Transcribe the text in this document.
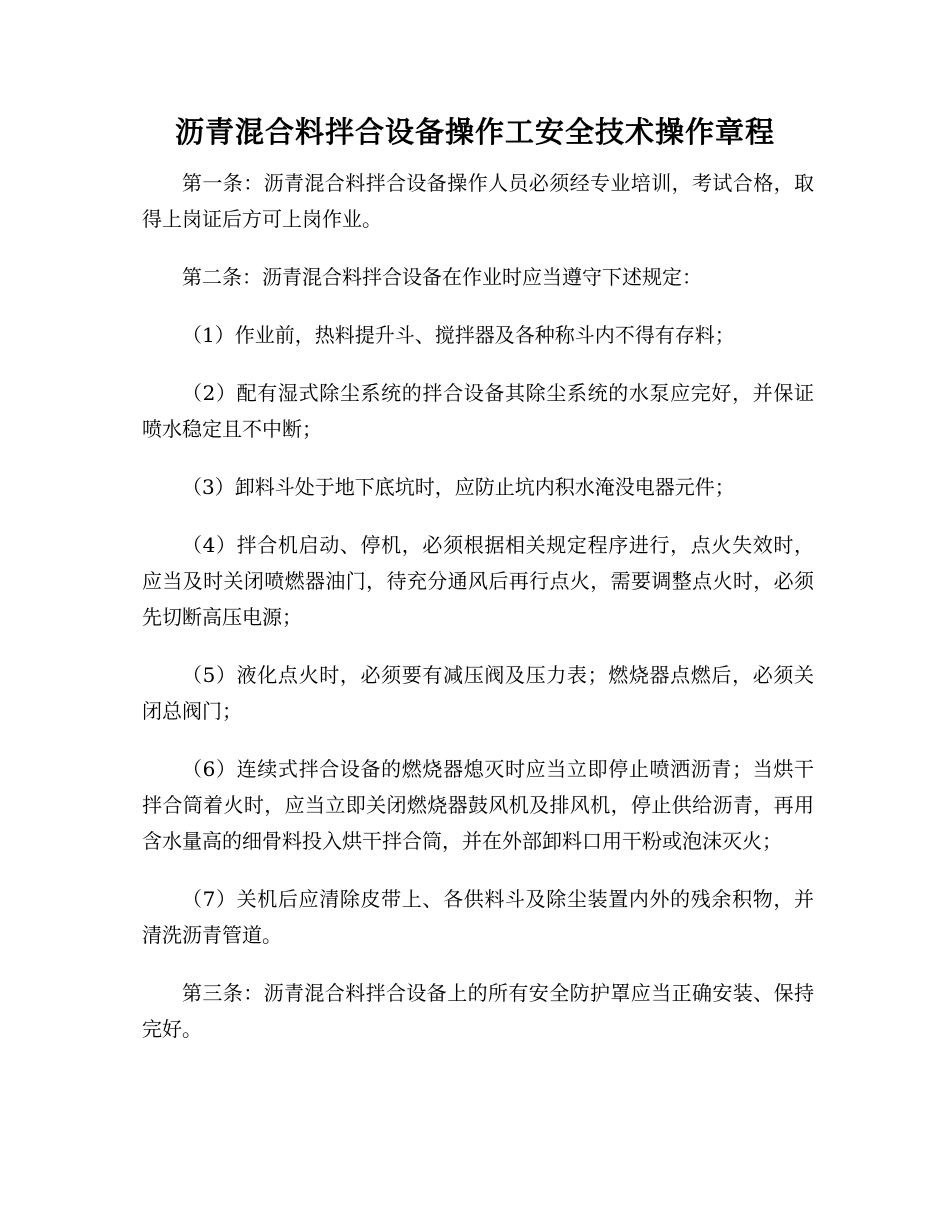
沥青混合料拌合设备操作工安全技术操作章程

第一条：沥青混合料拌合设备操作人员必须经专业培训，考试合格，取得上岗证后方可上岗作业。

第二条：沥青混合料拌合设备在作业时应当遵守下述规定：

（1）作业前，热料提升斗、搅拌器及各种称斗内不得有存料；

（2）配有湿式除尘系统的拌合设备其除尘系统的水泵应完好，并保证喷水稳定且不中断；

（3）卸料斗处于地下底坑时，应防止坑内积水淹没电器元件；

（4）拌合机启动、停机，必须根据相关规定程序进行，点火失效时，应当及时关闭喷燃器油门，待充分通风后再行点火，需要调整点火时，必须先切断高压电源；

（5）液化点火时，必须要有减压阀及压力表；燃烧器点燃后，必须关闭总阀门；

（6）连续式拌合设备的燃烧器熄灭时应当立即停止喷洒沥青；当烘干拌合筒着火时，应当立即关闭燃烧器鼓风机及排风机，停止供给沥青，再用含水量高的细骨料投入烘干拌合筒，并在外部卸料口用干粉或泡沫灭火；

（7）关机后应清除皮带上、各供料斗及除尘装置内外的残余积物，并清洗沥青管道。

第三条：沥青混合料拌合设备上的所有安全防护罩应当正确安装、保持完好。
